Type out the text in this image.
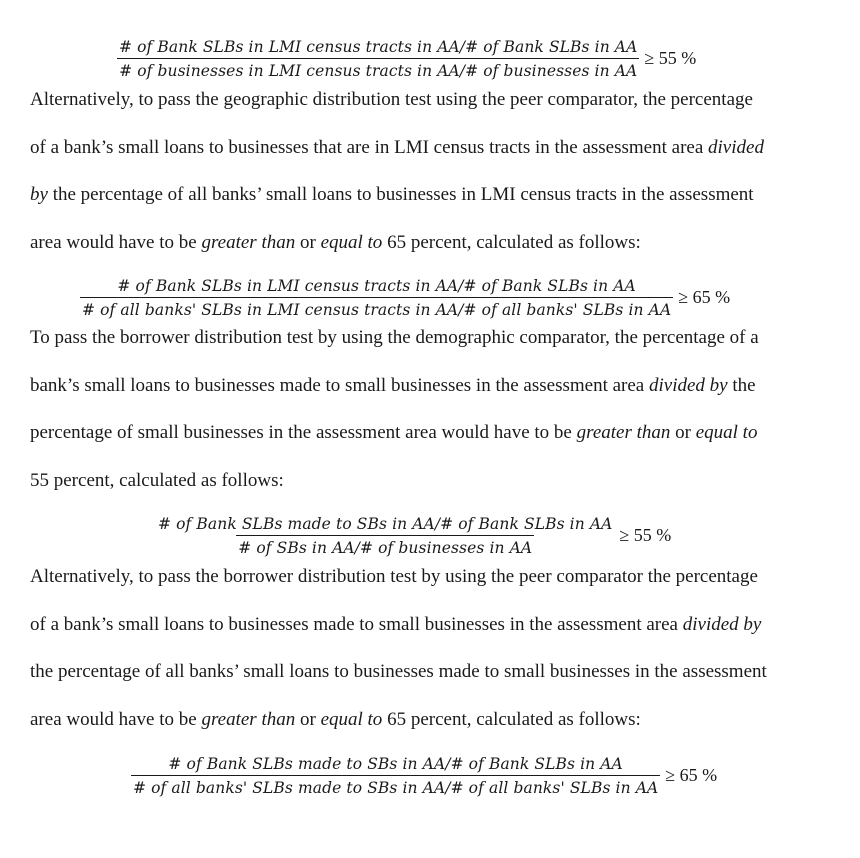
# of Bank SLBs in LMI census tracts in AA/# of Bank SLBs in AA
# of businesses in LMI census tracts in AA/# of businesses in AA
≥ 55 %

Alternatively, to pass the geographic distribution test using the peer comparator, the percentage
of a bank’s small loans to businesses that are in LMI census tracts in the assessment area divided
by the percentage of all banks’ small loans to businesses in LMI census tracts in the assessment
area would have to be greater than or equal to 65 percent, calculated as follows:

# of Bank SLBs in LMI census tracts in AA/# of Bank SLBs in AA
# of all banks' SLBs in LMI census tracts in AA/# of all banks' SLBs in AA
≥ 65 %

To pass the borrower distribution test by using the demographic comparator, the percentage of a
bank’s small loans to businesses made to small businesses in the assessment area divided by the
percentage of small businesses in the assessment area would have to be greater than or equal to
55 percent, calculated as follows:

$\frac{\text{\# of Bank SLBs made to SBs in AA/\# of Bank SLBs in AA}}{\text{\# of SBs in AA/\# of businesses in AA}} \ge 55$ %

Alternatively, to pass the borrower distribution test by using the peer comparator the percentage
of a bank’s small loans to businesses made to small businesses in the assessment area divided by
the percentage of all banks’ small loans to businesses made to small businesses in the assessment
area would have to be greater than or equal to 65 percent, calculated as follows:

# of Bank SLBs made to SBs in AA/# of Bank SLBs in AA
# of all banks' SLBs made to SBs in AA/# of all banks' SLBs in AA
≥ 65 %
